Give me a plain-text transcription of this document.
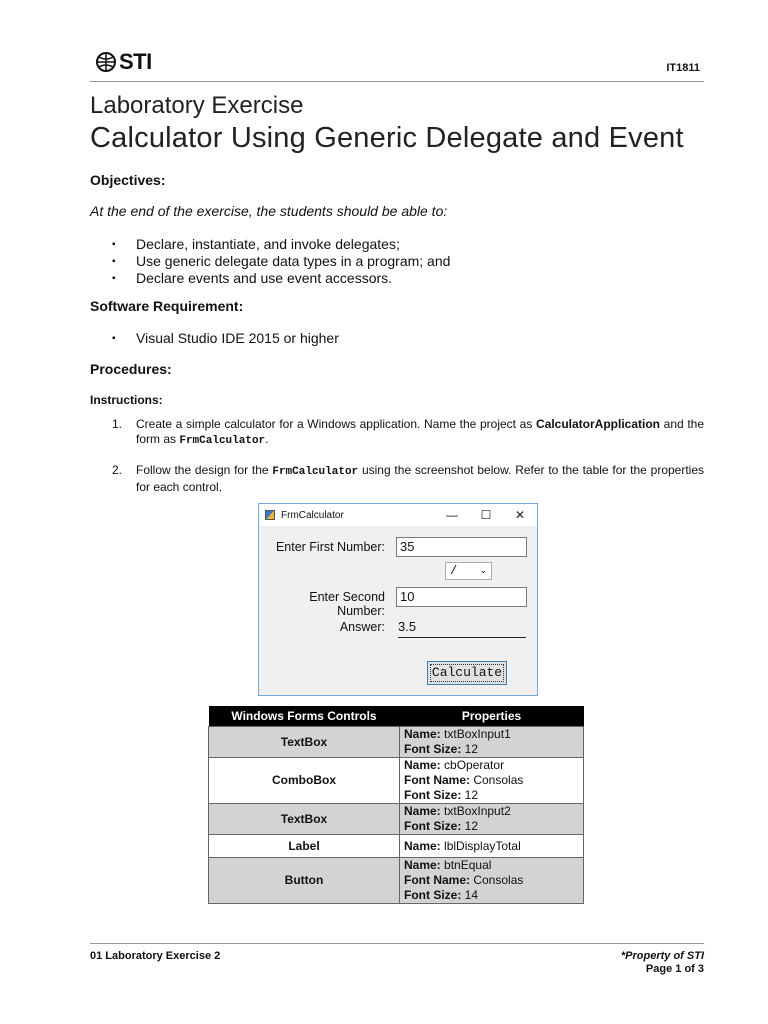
STI	IT1811
Laboratory Exercise
Calculator Using Generic Delegate and Event
Objectives:
At the end of the exercise, the students should be able to:
▪ Declare, instantiate, and invoke delegates;
▪ Use generic delegate data types in a program; and
▪ Declare events and use event accessors.
Software Requirement:
▪ Visual Studio IDE 2015 or higher
Procedures:
Instructions:
1. Create a simple calculator for a Windows application. Name the project as CalculatorApplication and the form as FrmCalculator.
2. Follow the design for the FrmCalculator using the screenshot below. Refer to the table for the properties for each control.
FrmCalculator	—	☐	✕
Enter First Number:	35
/ ⌄
Enter Second Number:
10
Answer: 3.5
Calculate
Windows Forms Controls	Properties
TextBox	Name: txtBoxInput1
Font Size: 12

ComboBox	Name: cbOperator
Font Name: Consolas
Font Size: 12

TextBox	Name: txtBoxInput2
Font Size: 12

Label	Name: lblDisplayTotal

Button	Name: btnEqual
Font Name: Consolas
Font Size: 14
01 Laboratory Exercise 2	*Property of STI
Page 1 of 3
